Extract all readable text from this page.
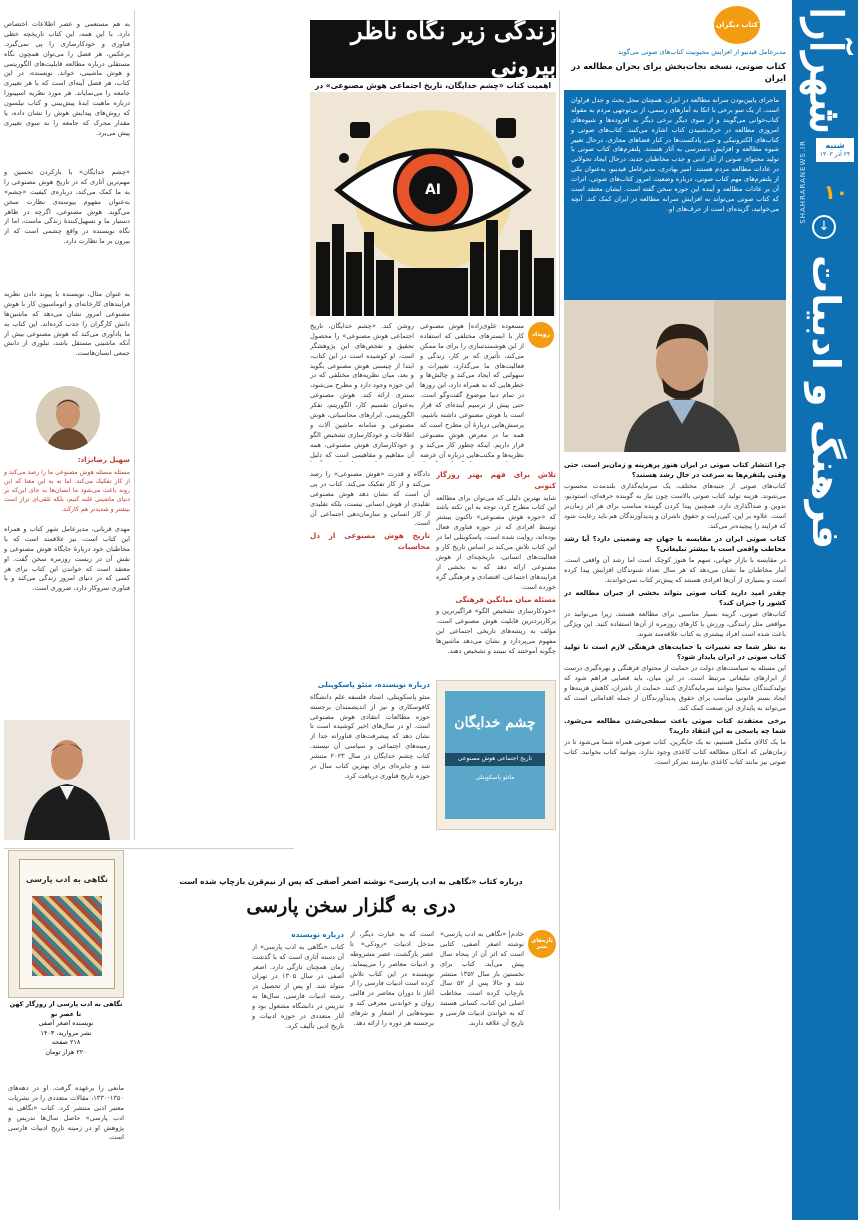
شهرآرا
شنبه
۲۴ آذر ۱۴۰۳
SHAHRARANEWS.IR ۱۰
↓
فرهنگ و ادبیات
کتاب دیگران
مدیرعامل قیدبیو از افزایش محبوبیت کتاب‌های صوتی می‌گوید
کتاب صوتی، نسخه نجات‌بخش برای بحران مطالعه در ایران
ماجرای پایین‌بودن سرانه مطالعه در ایران، همچنان محل بحث و جدل فراوان است. از یک سو برخی با اتکا به آمارهای رسمی، از بی‌توجهی مردم به مقوله کتاب‌خوانی می‌گویند و از سوی دیگر برخی دیگر به افزوده‌ها و شیوه‌های امروزی مطالعه در حرف‌شنیدن کتاب اشاره می‌کنند. کتاب‌های صوتی و کتاب‌های الکترونیکی و حتی پادکست‌ها در کنار فضاهای مجازی، درحال تغییر شیوه مطالعه و افزایش دسترسی به آثار هستند. پلتفرم‌های کتاب صوتی با تولید محتوای صوتی از آثار ادبی و جذب مخاطبان جدید، درحال ایجاد تحولاتی در عادات مطالعه مردم هستند. امیر بهادری، مدیرعامل قیدبیو، به‌عنوان یکی از پلتفرم‌های مهم کتاب صوتی، درباره وضعیت امروز کتاب‌های صوتی، اثرات آن بر عادات مطالعه و آینده این حوزه سخن گفته است. ایشان معتقد است که کتاب صوتی می‌تواند به افزایش سرانه مطالعه در ایران کمک کند. آنچه می‌خوانید، گزیده‌ای است از حرف‌های او.

چرا انتشار کتاب صوتی در ایران هنوز پرهزینه و زمان‌بر است. حتی وقتی پلتفرم‌ها به سرعت در حال رشد هستند؟

کتاب‌های صوتی از جنبه‌های مختلف، یک سرمایه‌گذاری بلندمدت محسوب می‌شوند. هزینه تولید کتاب صوتی بالاست چون نیاز به گوینده حرفه‌ای، استودیو، تدوین و صداگذاری دارد. همچنین پیدا کردن گوینده مناسب برای هر اثر زمان‌بر است. علاوه بر این، کپی‌رایت و حقوق ناشران و پدیدآورندگان هم باید رعایت شود که فرایند را پیچیده‌تر می‌کند.

کتاب صوتی ایران در مقایسه با جهان چه وضعیتی دارد؟ آیا رشد مخاطب واقعی است یا بیشتر تبلیغاتی؟

در مقایسه با بازار جهانی، سهم ما هنوز کوچک است اما رشد آن واقعی است. آمار مخاطبان ما نشان می‌دهد که هر سال تعداد شنوندگان افزایش پیدا کرده است و بسیاری از آن‌ها افرادی هستند که پیش‌تر کتاب نمی‌خواندند.

چقدر امید دارید کتاب صوتی بتواند بخشی از جبران مطالعه در کشور را جبران کند؟

کتاب‌های صوتی، گزینه بسیار مناسبی برای مطالعه هستند، زیرا می‌توانید در مواقعی مثل رانندگی، ورزش یا کارهای روزمره از آن‌ها استفاده کنید. این ویژگی باعث شده است افراد بیشتری به کتاب علاقه‌مند شوند.

به نظر شما چه تغییرات یا حمایت‌های فرهنگی لازم است تا تولید کتاب صوتی در ایران پایدار شود؟

این مسئله به سیاست‌های دولت در حمایت از محتوای فرهنگی و بهره‌گیری درست از ابزارهای تبلیغاتی مرتبط است. در این میان، باید قضایی فراهم شود که تولیدکنندگان محتوا بتوانند سرمایه‌گذاری کنند. حمایت از ناشران، کاهش هزینه‌ها و ایجاد بستر قانونی مناسب برای حقوق پدیدآورندگان از جمله اقداماتی است که می‌تواند به پایداری این صنعت کمک کند.

برخی معتقدند کتاب صوتی باعث سطحی‌شدن مطالعه می‌شود. شما چه پاسخی به این انتقاد دارید؟

ما یک کالای مکمل هستیم، نه یک جایگزین. کتاب صوتی همراه شما می‌شود تا در زمان‌هایی که امکان مطالعه کتاب کاغذی وجود ندارد، بتوانید کتاب بخوانید. کتاب صوتی نیز مانند کتاب کاغذی نیازمند تمرکز است.

زندگی زیر نگاه ناظر بیرونی
اهمیت کتاب «چشم خدایگان، تاریخ اجتماعی هوش مصنوعی» در
AI
رویداد
مسعوده علوی‌زاده| هوش مصنوعی کار با ابسترهای مختلفی که استفاده از این هوشمندسازی را برای ما ممکن می‌کند، تأثیری که بر کار، زندگی و فعالیت‌های ما می‌گذارد، تغییرات و سهولتی که ایجاد می‌کند و چالش‌ها و خطرهایی که به همراه دارد، این روزها در تمام دنیا موضوع گفت‌وگو است. حتی پیش از ترسیم آینده‌ای که قرار است با هوش مصنوعی داشته باشیم، پرسش‌هایی دربارهٔ آن مطرح است که همه ما در معرض هوشِ مصنوعی قرار داریم. اینکه چطور کار می‌کند و نظریه‌ها و مکتب‌هایی درباره آن عرضه
روشن کند. «چشم خدایگان، تاریخ اجتماعی هوش مصنوعی» را محصول تحقیق و تفحص‌های این پژوهشگر است. او کوشیده است در این کتاب، ابتدا از چیستی هوش مصنوعی بگوید و بعد، میان نظریه‌های مختلفی که در این حوزه وجود دارد و مطرح می‌شود، سنتزی ارائه کند. هوش مصنوعی به‌عنوان تقسیم کار، الگوریتم، تفکر الگوریتمی، ابزارهای محاسباتی، هوش مصنوعی و سامانه ماشین آلات و اطلاعات و خودکارسازی تشخیص الگو و خودکارسازی هوش مصنوعی، همه آن مفاهیم و مقاهیمی است که دلیل

تلاش برای فهم بهتر روزگار کنونی

شاید بهترین دلیلی که می‌توان برای مطالعه این کتاب مطرح کرد، توجه به این نکته باشد که «حوزه هوش مصنوعی» تاکنون بیشتر توسط افرادی که در حوزه فناوری فعال بوده‌اند، روایت شده است. پاسکوینلی اما در این کتاب تلاش می‌کند بر اساس تاریخ کار و فعالیت‌های انسانی، تاریخچه‌ای از هوش مصنوعی ارائه دهد که به بخشی از فرایندهای اجتماعی، اقتصادی و فرهنگی گره خورده است.

مسئله میان میانگین فرهنگی

«خودکارسازی تشخیص الگو» فراگیرترین و پرکاربردترین قابلیت هوش مصنوعی است. مؤلف به ریشه‌های تاریخی اجتماعی این مفهوم می‌پردازد و نشان می‌دهد ماشین‌ها چگونه آموختند که ببینند و تشخیص دهند.

دادگاه و قدرت «هوش مصنوعی» را رصد می‌کند و از کار تفکیک می‌کند. کتاب در پی آن است که نشان دهد هوش مصنوعی تقلیدی از هوش انسانی نیست، بلکه تقلیدی از کار انسانی و سازمان‌دهی اجتماعی آن است.

تاریخ هوش مصنوعی از دل محاسبات

چشم خدایگان
تاریخ اجتماعی هوش مصنوعی
ماتئو پاسکوینلی

درباره نویسنده، متئو پاسکوینلی

متئو پاسکوینلی، استاد فلسفه علم دانشگاه کافوسکاری و نیز از اندیشمندان برجسته حوزه مطالعات انتقادی هوش مصنوعی است. او در سال‌های اخیر کوشیده است تا نشان دهد که پیشرفت‌های فناورانه جدا از زمینه‌های اجتماعی و سیاسی آن نیستند. کتاب چشم خدایگان در سال ۲۰۲۳ منتشر شد و جایزه‌ای برای بهترین کتاب سال در حوزه تاریخ فناوری دریافت کرد.

به هم مستعمی و عصر اطلاعات اختصاص دارد. با این همه، این کتاب تاریخچه خطی فناوری و خودکارسازی را پی نمی‌گیرد. برعکس، هر فصل را می‌توان همچون نگاه مستقلی درباره مطالعه قابلیت‌های الگوریتمی و هوش ماشینی، خواند. نویسنده، در این کتاب، هر فصل آینه‌ای است که با هر تغییری جامعه را می‌نمایاند. هر مورد نظریه اسپینوزا درباره ماهیت ایدهٔ پیش‌بینی و کتاب نیلسون که روش‌های پیدایش هوش را نشان داده، یا مقدار محرک که جامعه را به سوی تغییری پیش می‌برد.
«چشم خدایگان» با بازکردن تحسین و مهم‌ترین آثاری که در تاریخ هوش مصنوعی را به ما کمک می‌کند، درباره‌ی کیفیت «چشم» به‌عنوان مفهوم پیوسته‌ی نظارت سخن می‌گوید. هوش مصنوعی، اگرچه در ظاهر دستیار ما و تسهیل‌کنندهٔ زندگی ماست، اما از نگاه نویسنده در واقع چشمی است که از بیرون بر ما نظارت دارد.
به عنوان مثال، نویسنده با پیوند دادن نظریه فرایندهای کارخانه‌ای و اتوماسیون کار با هوش مصنوعی امروز نشان می‌دهد که ماشین‌ها دانش کارگران را جذب کرده‌اند. این کتاب به ما یادآوری می‌کند که هوش مصنوعی بیش از آنکه ماشینی مستقل باشد، تبلوری از دانش جمعی انسان‌هاست.
سهیل رضانژاد:
مسئله مسئله هوش مصنوعی ما را رصد می‌کند و از کار تفکیک می‌کند. اما نه به این معنا که این روند باعث می‌شود ما انسان‌ها به جای این‌که بر دنیای ماشینی غلبه کنیم، بلکه تلقی‌ای تراز است بیشتر و شدیدتر هم کارکند.
مهدی قربانی، مدیرعامل شهر کتاب و همراه این کتاب است، نیز علاقمند است که با مخاطبان خود دربارهٔ جایگاه هوش مصنوعی و نقش آن در زیست روزمره سخن گفت. او معتقد است که خواندن این کتاب برای هر کسی که در دنیای امروز زندگی می‌کند و با فناوری سروکار دارد، ضروری است.
درباره کتاب «نگاهی به ادب پارسی» نوشته اصغر آصفی که پس از نیم‌قرن بازچاپ شده است
دری به گلزار سخن پارسی
تازه‌های نشر
خادم| «نگاهی به ادب پارسی» نوشته اصغر آصفی، کتابی است که اثر آن از پنجاه سال پیش می‌آید. کتاب برای نخستین بار سال ۱۳۵۲ منتشر شد و حالا پس از ۵۲ سال بازچاپ کرده است. مخاطب اصلی این کتاب، کسانی هستند که به خواندن ادبیات فارسی و تاریخ آن علاقه دارند.
است که به عبارت دیگر، از مدخل ادبیات «رودکی» تا عصر بازگشت، عصر مشروطه و ادبیات معاصر را می‌پیماید. نویسنده در این کتاب تلاش کرده است ادبیات فارسی را از آغاز تا دوران معاصر در قالبی روان و خواندنی معرفی کند و نمونه‌هایی از اشعار و نثرهای برجسته هر دوره را ارائه دهد.

درباره نویسنده

کتاب «نگاهی به ادب پارسی» از آن دسته آثاری است که با گذشت زمان همچنان تازگی دارد. اصغر آصفی در سال ۱۳۰۵ در تهران متولد شد. او پس از تحصیل در رشته ادبیات فارسی، سال‌ها به تدریس در دانشگاه مشغول بود و آثار متعددی در حوزه ادبیات و تاریخ ادبی تألیف کرد.

مانعی را برعهده گرفت. او در دهه‌های ۱۳۵۰-۱۳۳۰، مقالات متعددی را در نشریات معتبر ادبی منتشر کرد. کتاب «نگاهی به ادب پارسی» حاصل سال‌ها تدریس و پژوهش او در زمینه تاریخ ادبیات فارسی است.
نگاهی به ادب پارسی
نگاهی به ادب پارسی از روزگار کهن تا عصر نو
نویسنده اصغر آصفی
نشر مروارید، ۱۴۰۳
۲۱۸ صفحه
۲۲۰ هزار تومان
